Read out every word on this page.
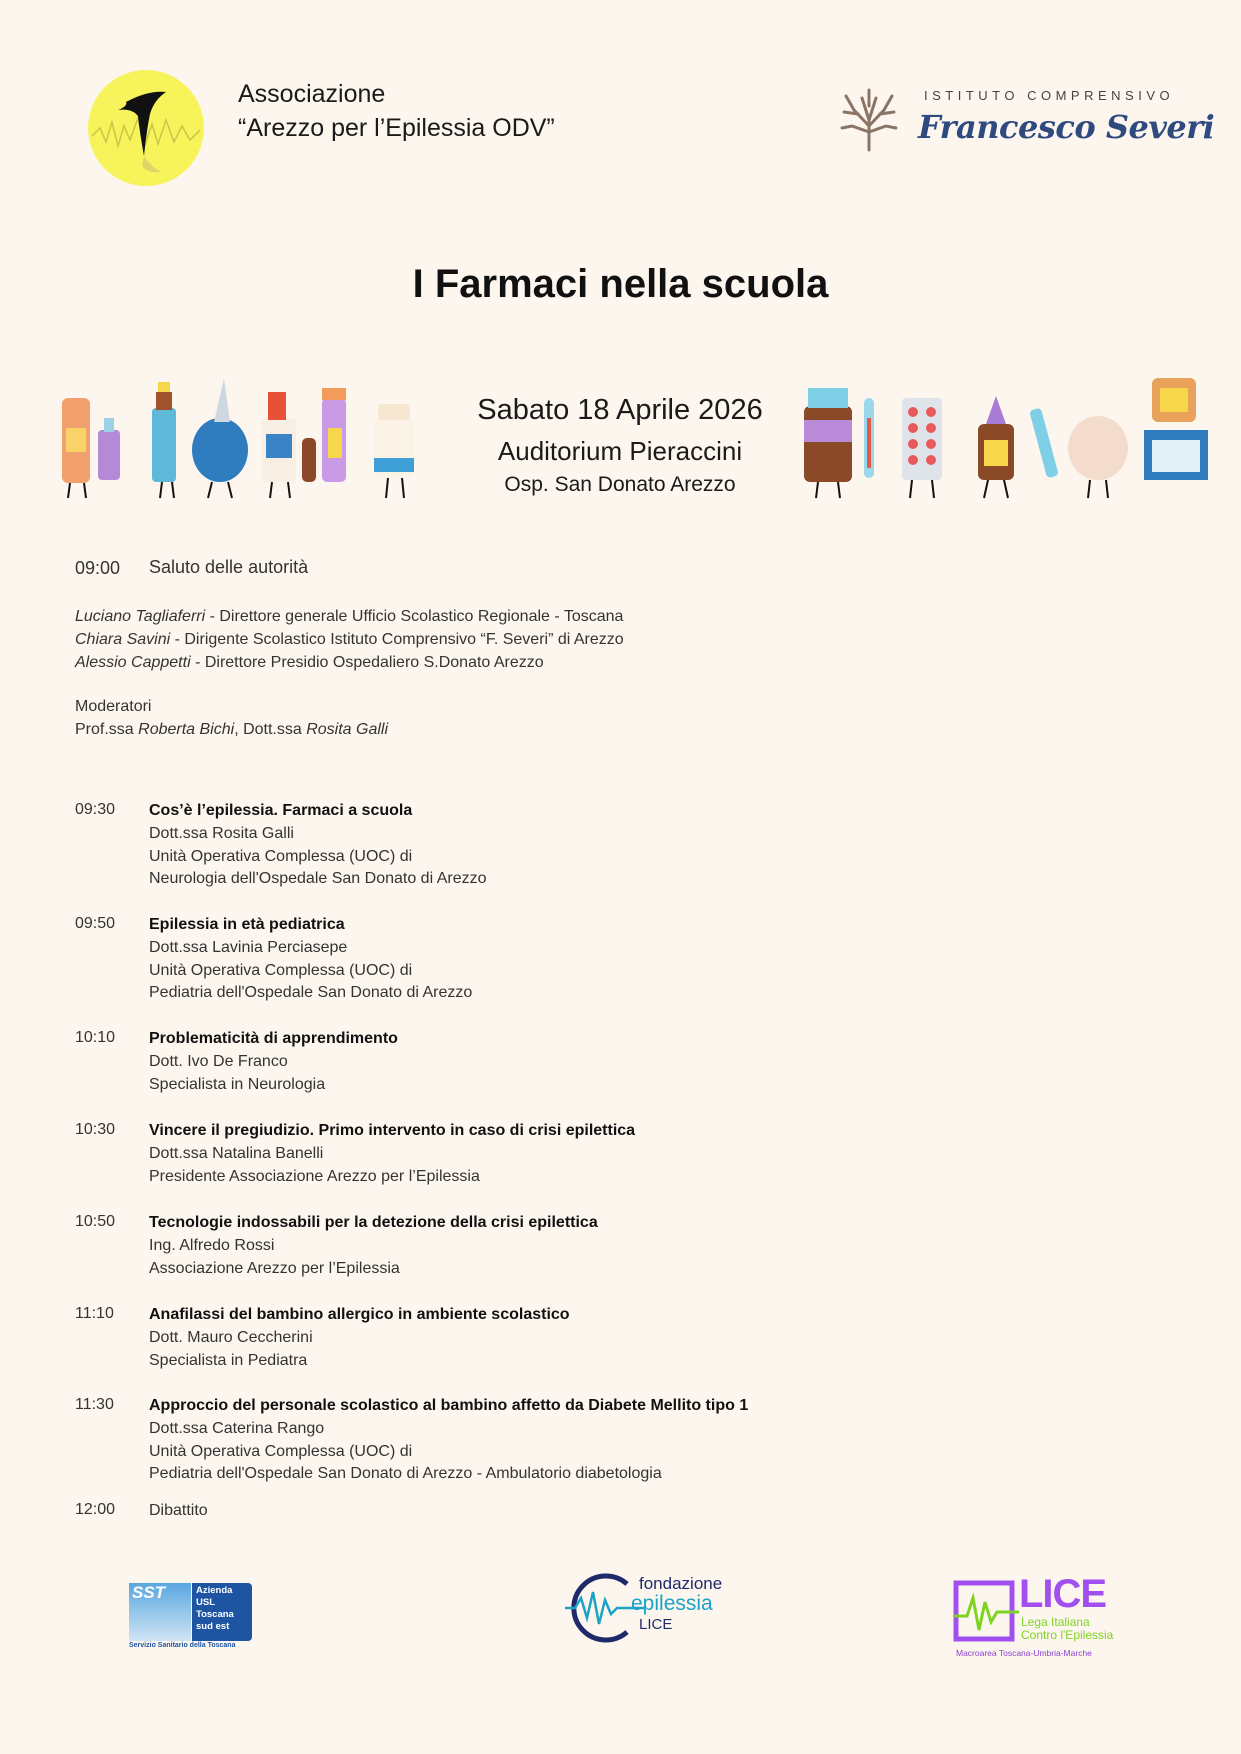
Associazione
“Arezzo per l’Epilessia ODV”
ISTITUTO COMPRENSIVO
Francesco Severi
I Farmaci nella scuola
Sabato 18 Aprile 2026
Auditorium Pieraccini
Osp. San Donato Arezzo
09:00 Saluto delle autorità
Luciano Tagliaferri - Direttore generale Ufficio Scolastico Regionale - Toscana
Chiara Savini - Dirigente Scolastico Istituto Comprensivo “F. Severi” di Arezzo
Alessio Cappetti - Direttore Presidio Ospedaliero S.Donato Arezzo
Moderatori
Prof.ssa Roberta Bichi, Dott.ssa Rosita Galli
09:30 Cos’è l’epilessia. Farmaci a scuola
Dott.ssa Rosita Galli
Unità Operativa Complessa (UOC) di
Neurologia dell'Ospedale San Donato di Arezzo
09:50 Epilessia in età pediatrica
Dott.ssa Lavinia Perciasepe
Unità Operativa Complessa (UOC) di
Pediatria dell'Ospedale San Donato di Arezzo
10:10 Problematicità di apprendimento
Dott. Ivo De Franco
Specialista in Neurologia
10:30 Vincere il pregiudizio. Primo intervento in caso di crisi epilettica
Dott.ssa Natalina Banelli
Presidente Associazione Arezzo per l’Epilessia
10:50 Tecnologie indossabili per la detezione della crisi epilettica
Ing. Alfredo Rossi
Associazione Arezzo per l’Epilessia
11:10 Anafilassi del bambino allergico in ambiente scolastico
Dott. Mauro Ceccherini
Specialista in Pediatra
11:30 Approccio del personale scolastico al bambino affetto da Diabete Mellito tipo 1
Dott.ssa Caterina Rango
Unità Operativa Complessa (UOC) di
Pediatria dell'Ospedale San Donato di Arezzo - Ambulatorio diabetologia
12:00 Dibattito
SST	Azienda
USL
Toscana
sud est
Servizio Sanitario della Toscana
fondazione
epilessia
LICE
LICE
Lega Italiana
Contro l'Epilessia
Macroarea Toscana-Umbria-Marche
